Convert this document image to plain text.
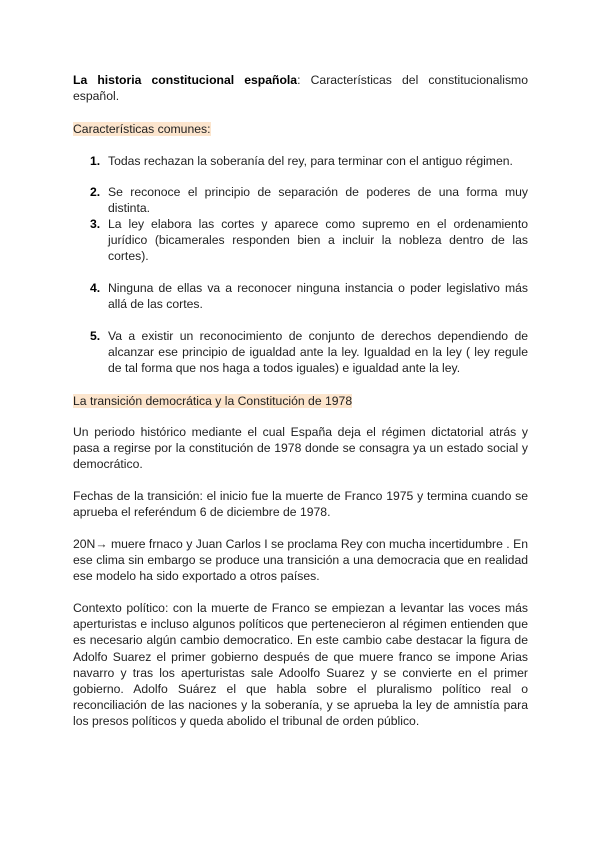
La historia constitucional española: Características del constitucionalismo español.

Características comunes:

1. Todas rechazan la soberanía del rey, para terminar con el antiguo régimen.

2. Se reconoce el principio de separación de poderes de una forma muy distinta.

3. La ley elabora las cortes y aparece como supremo en el ordenamiento jurídico (bicamerales responden bien a incluir la nobleza dentro de las cortes).

4. Ninguna de ellas va a reconocer ninguna instancia o poder legislativo más allá de las cortes.

5. Va a existir un reconocimiento de conjunto de derechos dependiendo de alcanzar ese principio de igualdad ante la ley. Igualdad en la ley ( ley regule de tal forma que nos haga a todos iguales) e igualdad ante la ley.

La transición democrática y la Constitución de 1978

Un periodo histórico mediante el cual España deja el régimen dictatorial atrás y pasa a regirse por la constitución de 1978 donde se consagra ya un estado social y democrático.

Fechas de la transición: el inicio fue la muerte de Franco 1975 y termina cuando se aprueba el referéndum 6 de diciembre de 1978.

20N→ muere frnaco y Juan Carlos I se proclama Rey con mucha incertidumbre . En ese clima sin embargo se produce una transición a una democracia que en realidad ese modelo ha sido exportado a otros países.

Contexto político: con la muerte de Franco se empiezan a levantar las voces más aperturistas e incluso algunos políticos que pertenecieron al régimen entienden que es necesario algún cambio democratico. En este cambio cabe destacar la figura de Adolfo Suarez el primer gobierno después de que muere franco se impone Arias navarro y tras los aperturistas sale Adoolfo Suarez y se convierte en el primer gobierno. Adolfo Suárez el que habla sobre el pluralismo político real o reconciliación de las naciones y la soberanía, y se aprueba la ley de amnistía para los presos políticos y queda abolido el tribunal de orden público.
